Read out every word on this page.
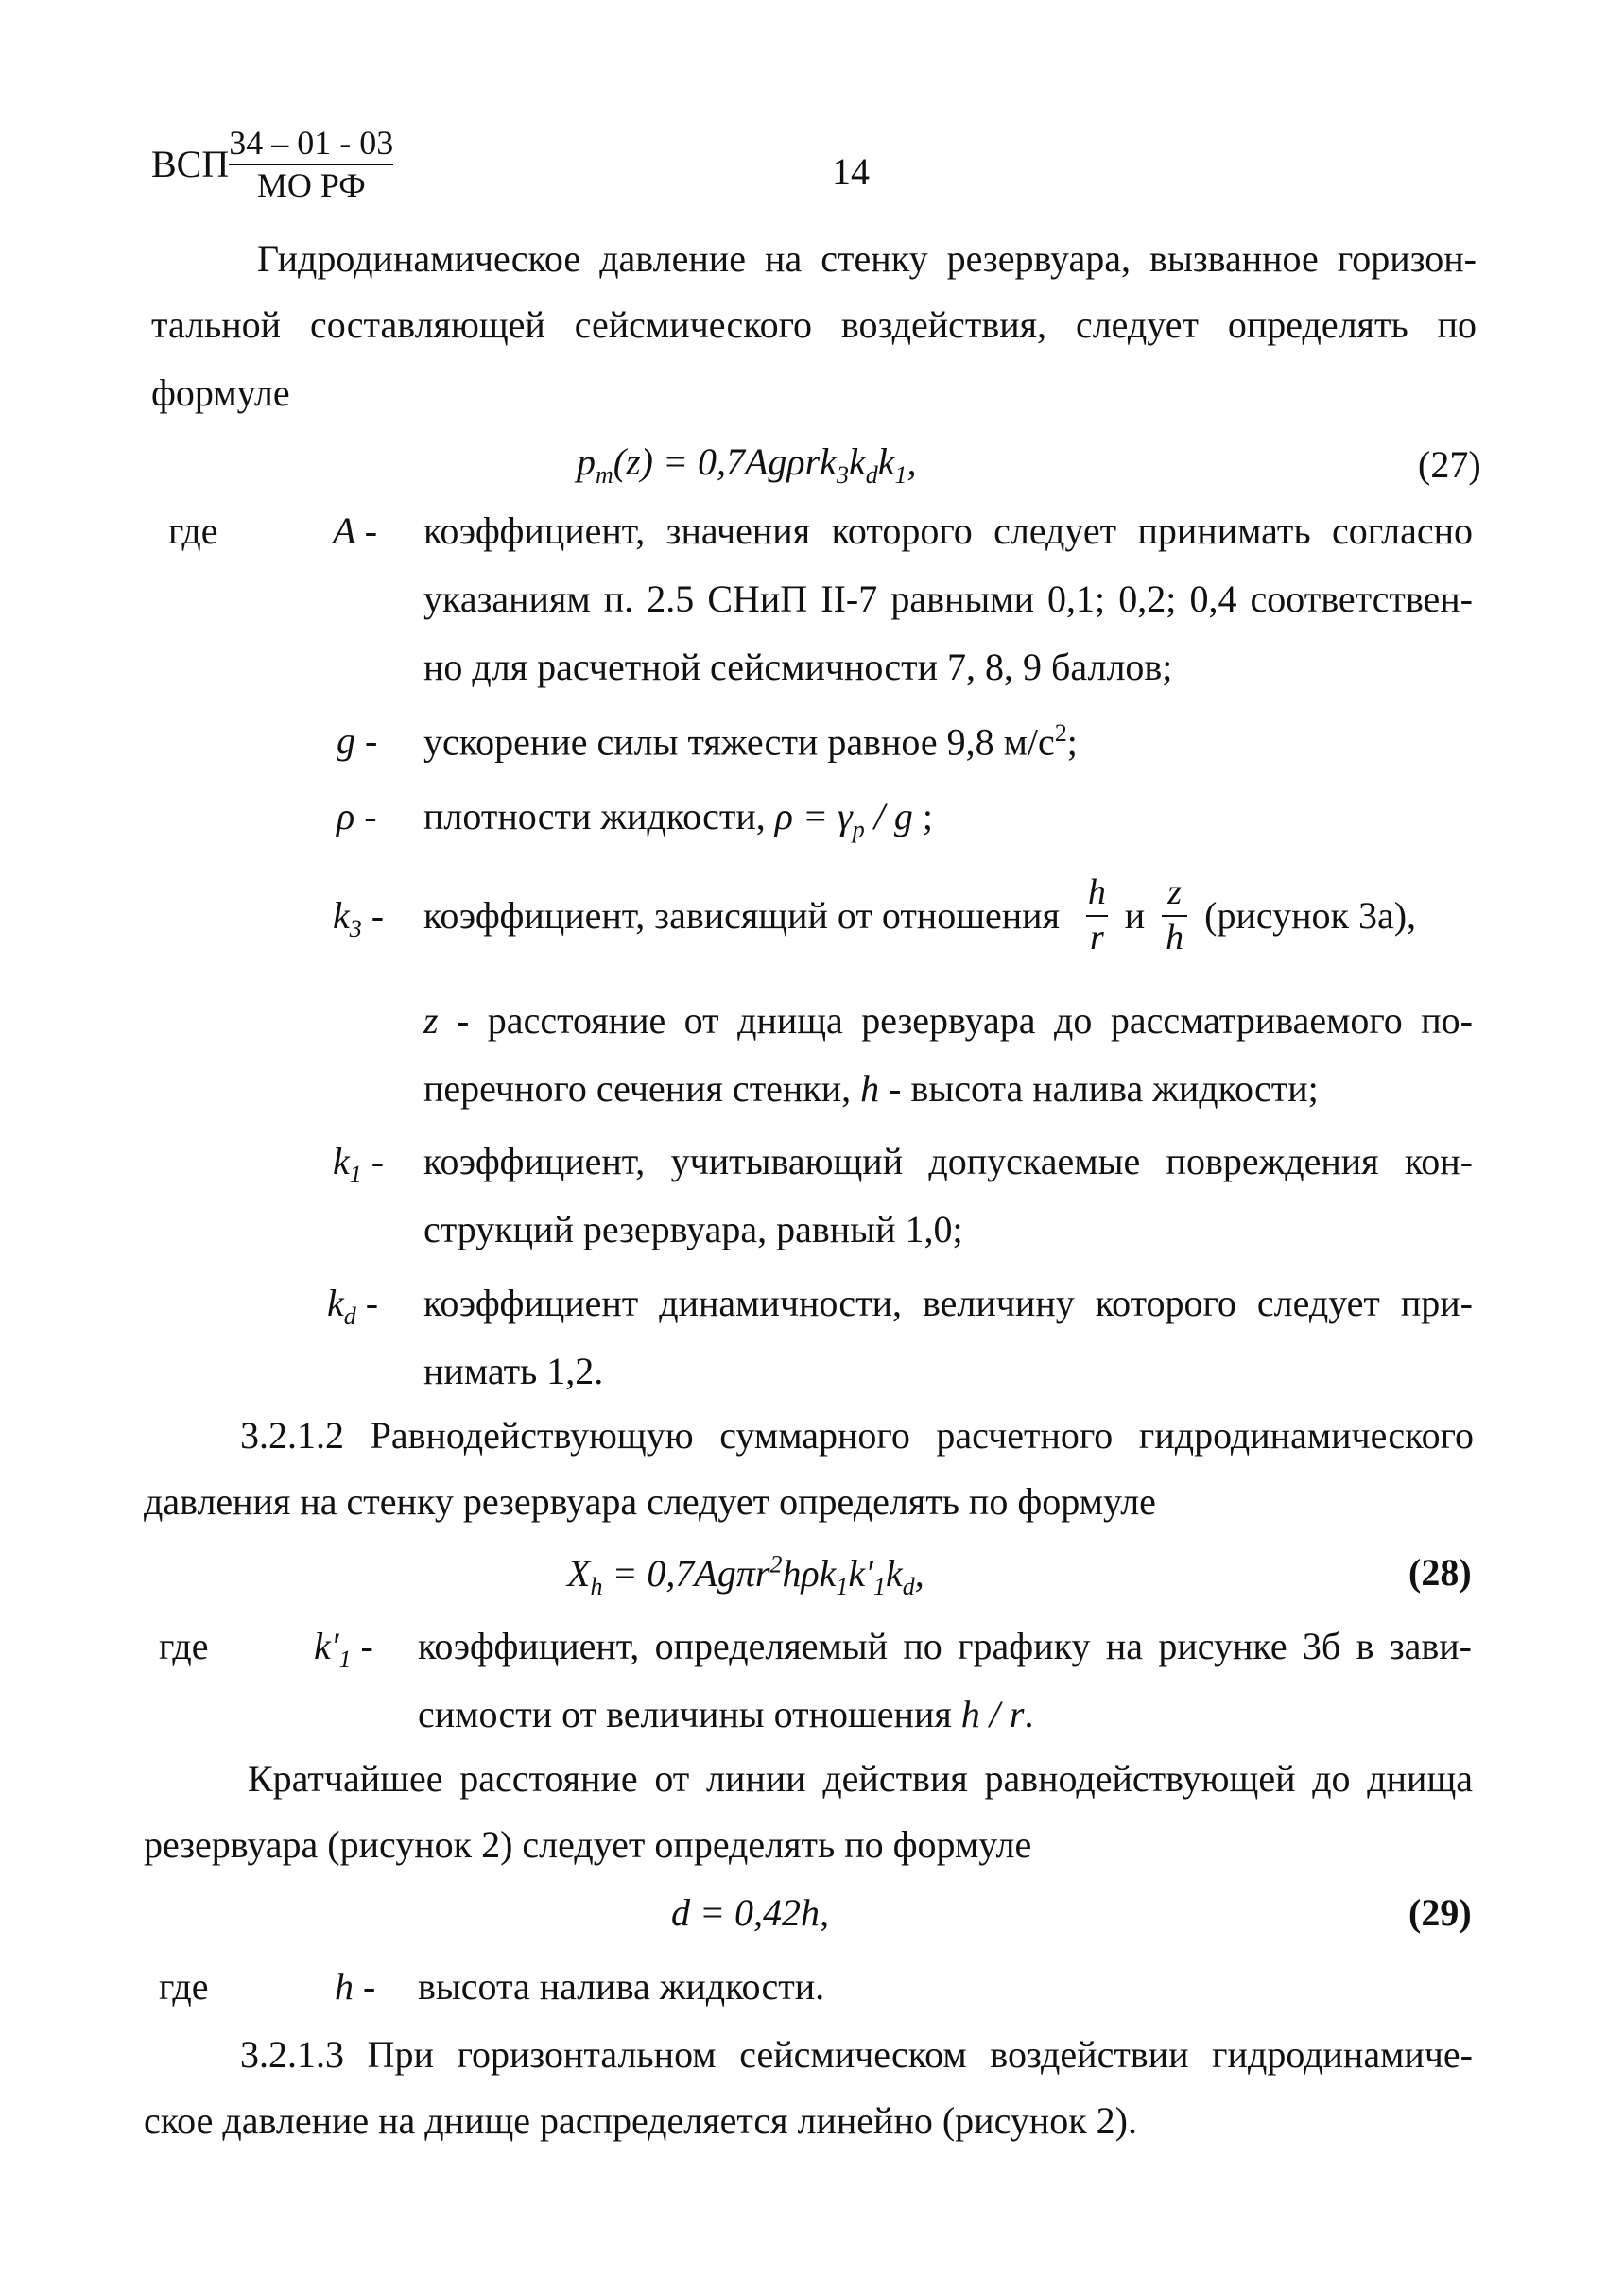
ВСП $\frac{34 - 01 - 03}{\text{МО РФ}}$	14
Гидродинамическое давление на стенку резервуара, вызванное горизон-
тальной составляющей сейсмического воздействия, следует определять по
формуле
$p_m(z) = 0,7Ag\rho rk_3k_dk_1$,	(27)
где	A - коэффициент, значения которого следует принимать согласно
указаниям п. 2.5 СНиП II-7 равными 0,1; 0,2; 0,4 соответствен-
но для расчетной сейсмичности 7, 8, 9 баллов;
g - ускорение силы тяжести равное 9,8 $м/с^2$;
ρ - плотности жидкости, $\rho = \gamma_p / g$ ;
$k_3$ - коэффициент, зависящий от отношения $\frac{h}{r}$ и $\frac{z}{h}$ (рисунок 3а),
z - расстояние от днища резервуара до рассматриваемого по-
перечного сечения стенки, h - высота налива жидкости;
$k_1$ - коэффициент, учитывающий допускаемые повреждения кон-
струкций резервуара, равный 1,0;
$k_d$ - коэффициент динамичности, величину которого следует при-
нимать 1,2.
3.2.1.2 Равнодействующую суммарного расчетного гидродинамического
давления на стенку резервуара следует определять по формуле
$X_h = 0,7Ag\pi r^2h\rho k_1k'_1k_d$,	(28)
где	$k'_1$ - коэффициент, определяемый по графику на рисунке 3б в зави-
симости от величины отношения h / r.
Кратчайшее расстояние от линии действия равнодействующей до днища
резервуара (рисунок 2) следует определять по формуле
d = 0,42h,	(29)
где	h - высота налива жидкости.
3.2.1.3 При горизонтальном сейсмическом воздействии гидродинамиче-
ское давление на днище распределяется линейно (рисунок 2).
